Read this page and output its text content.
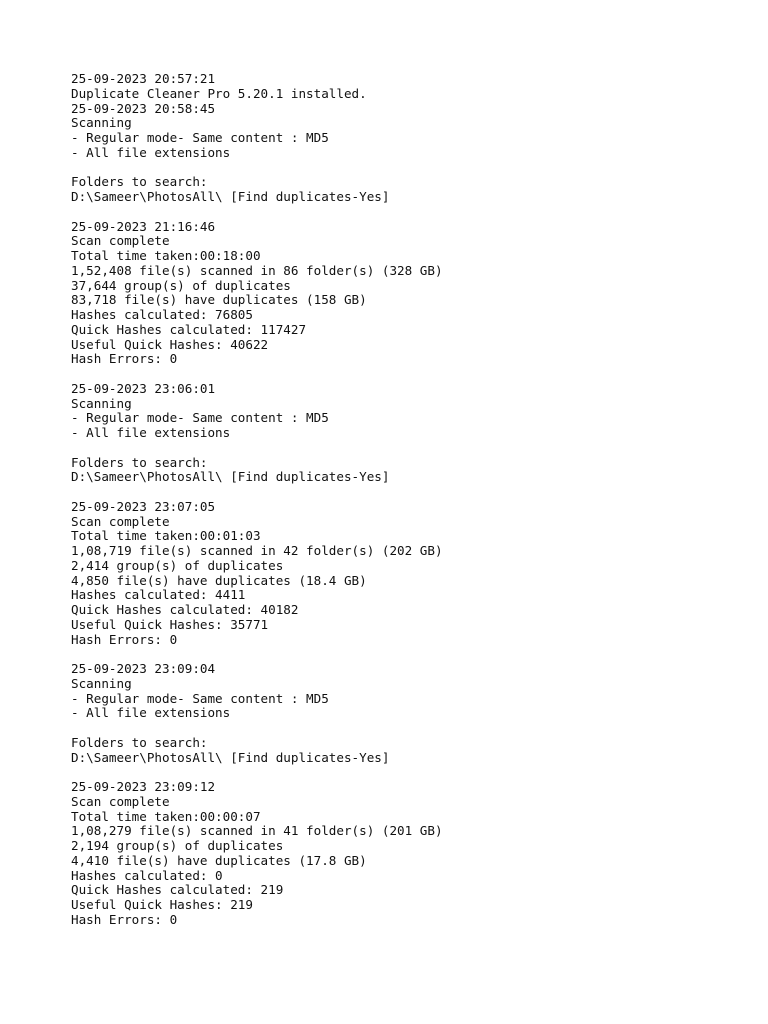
25-09-2023 20:57:21
Duplicate Cleaner Pro 5.20.1 installed.
25-09-2023 20:58:45
Scanning
- Regular mode- Same content : MD5
- All file extensions
Folders to search:
D:\Sameer\PhotosAll\ [Find duplicates-Yes]
25-09-2023 21:16:46
Scan complete
Total time taken:00:18:00
1,52,408 file(s) scanned in 86 folder(s) (328 GB)
37,644 group(s) of duplicates
83,718 file(s) have duplicates (158 GB)
Hashes calculated: 76805
Quick Hashes calculated: 117427
Useful Quick Hashes: 40622
Hash Errors: 0
25-09-2023 23:06:01
Scanning
- Regular mode- Same content : MD5
- All file extensions
Folders to search:
D:\Sameer\PhotosAll\ [Find duplicates-Yes]
25-09-2023 23:07:05
Scan complete
Total time taken:00:01:03
1,08,719 file(s) scanned in 42 folder(s) (202 GB)
2,414 group(s) of duplicates
4,850 file(s) have duplicates (18.4 GB)
Hashes calculated: 4411
Quick Hashes calculated: 40182
Useful Quick Hashes: 35771
Hash Errors: 0
25-09-2023 23:09:04
Scanning
- Regular mode- Same content : MD5
- All file extensions
Folders to search:
D:\Sameer\PhotosAll\ [Find duplicates-Yes]
25-09-2023 23:09:12
Scan complete
Total time taken:00:00:07
1,08,279 file(s) scanned in 41 folder(s) (201 GB)
2,194 group(s) of duplicates
4,410 file(s) have duplicates (17.8 GB)
Hashes calculated: 0
Quick Hashes calculated: 219
Useful Quick Hashes: 219
Hash Errors: 0
